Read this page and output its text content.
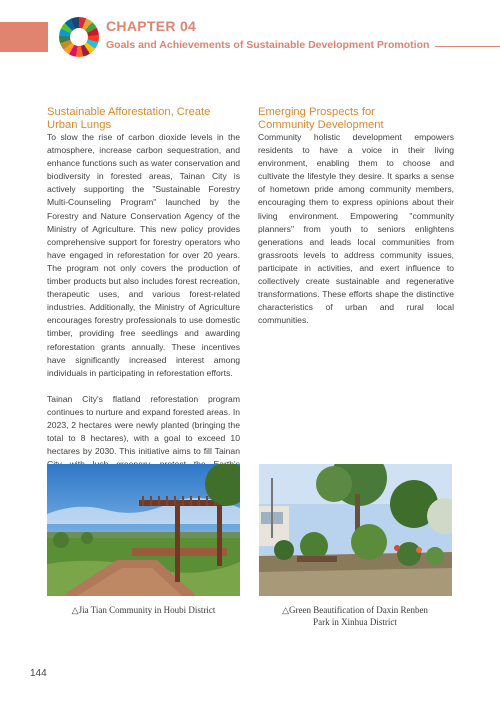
CHAPTER 04
Goals and Achievements of Sustainable Development Promotion
Sustainable Afforestation, Create
Urban Lungs

To slow the rise of carbon dioxide levels in the atmosphere, increase carbon sequestration, and enhance functions such as water conservation and biodiversity in forested areas, Tainan City is actively supporting the "Sustainable Forestry Multi-Counseling Program" launched by the Forestry and Nature Conservation Agency of the Ministry of Agriculture. This new policy provides comprehensive support for forestry operators who have engaged in reforestation for over 20 years. The program not only covers the production of timber products but also includes forest recreation, therapeutic uses, and various forest-related industries. Additionally, the Ministry of Agriculture encourages forestry professionals to use domestic timber, providing free seedlings and awarding reforestation grants annually. These incentives have significantly increased interest among individuals in participating in reforestation efforts.

Tainan City's flatland reforestation program continues to nurture and expand forested areas. In 2023, 2 hectares were newly planted (bringing the total to 8 hectares), with a goal to exceed 10 hectares by 2030. This initiative aims to fill Tainan

Emerging Prospects for
Community Development

Community holistic development empowers residents to have a voice in their living environment, enabling them to choose and cultivate the lifestyle they desire. It sparks a sense of hometown pride among community members, encouraging them to express opinions about their living environment. Empowering "community planners" from youth to seniors enlightens generations and leads local communities from grassroots levels to address community issues, participate in activities, and exert influence to collectively create sustainable and regenerative transformations. These efforts shape the distinctive characteristics of urban and rural local communities.

△Jia Tian Community in Houbi District	△Green Beautification of Daxin Renben
Park in Xinhua District
144
